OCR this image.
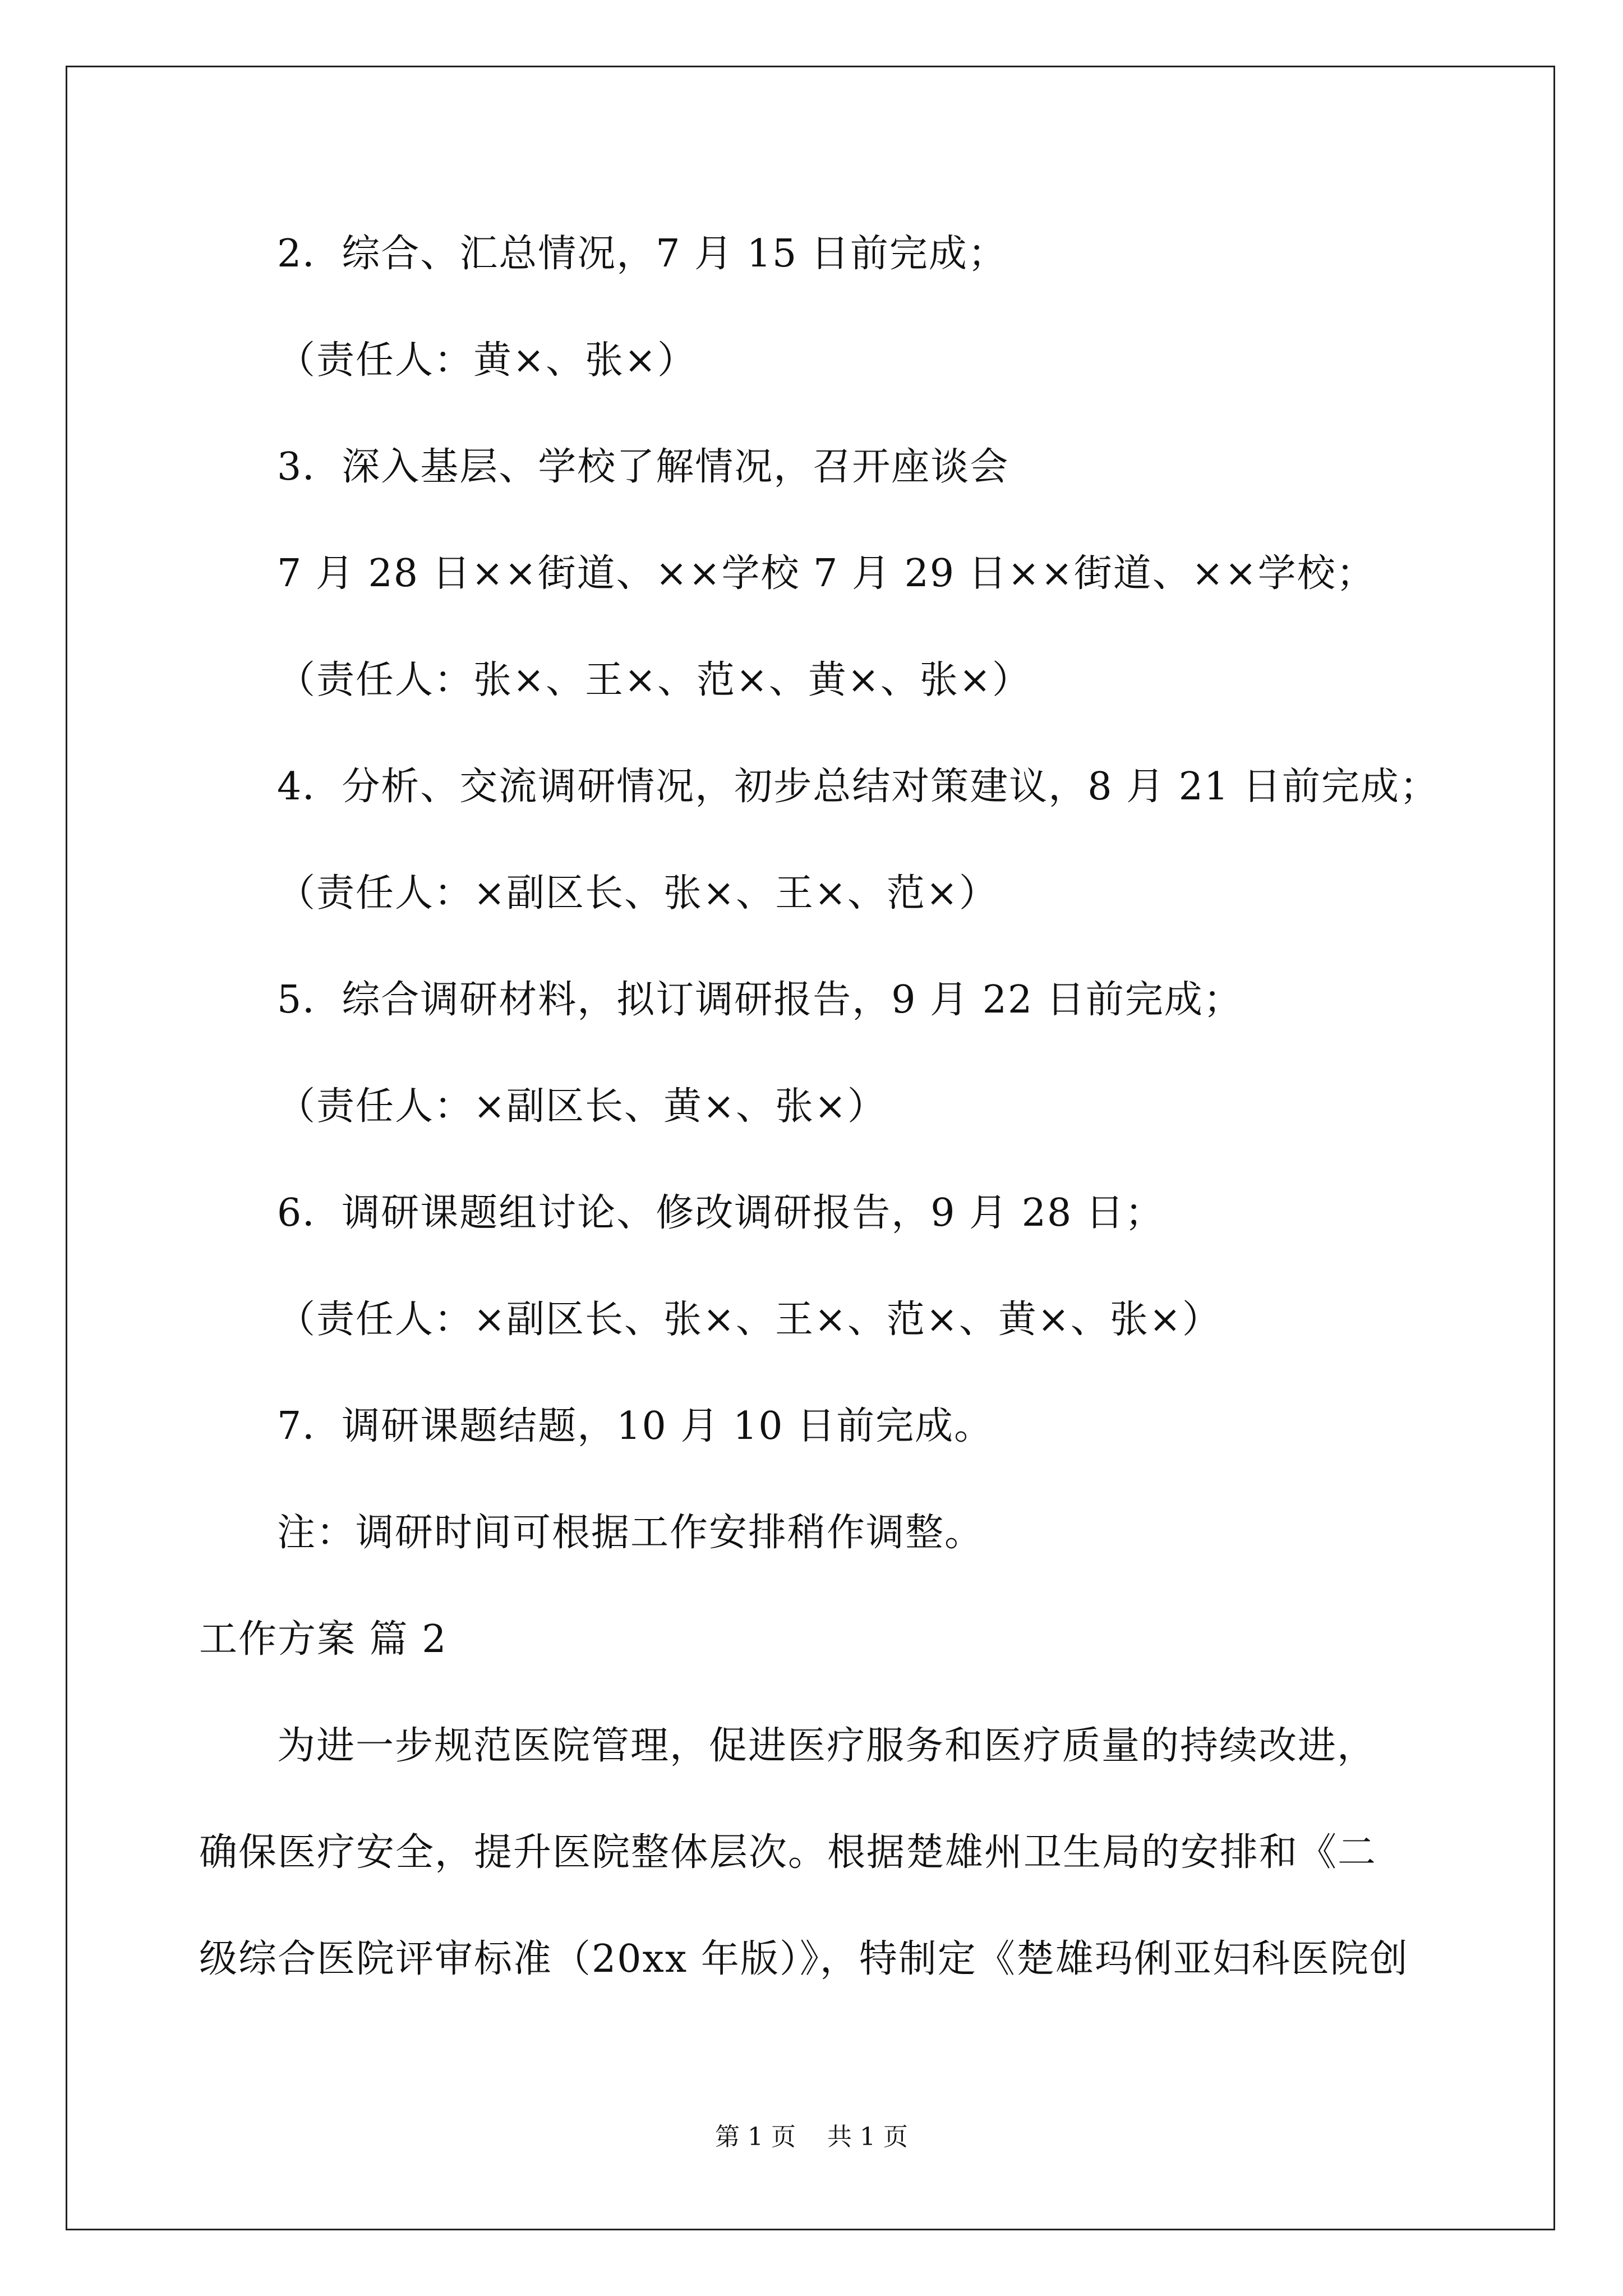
2．综合、汇总情况，7 月 15 日前完成；
（责任人：黄×、张×）
3．深入基层、学校了解情况，召开座谈会
7 月 28 日××街道、××学校 7 月 29 日××街道、××学校；
（责任人：张×、王×、范×、黄×、张×）
4．分析、交流调研情况，初步总结对策建议，8 月 21 日前完成；
（责任人：×副区长、张×、王×、范×）
5．综合调研材料，拟订调研报告，9 月 22 日前完成；
（责任人：×副区长、黄×、张×）
6．调研课题组讨论、修改调研报告，9 月 28 日；
（责任人：×副区长、张×、王×、范×、黄×、张×）
7．调研课题结题，10 月 10 日前完成。
注：调研时间可根据工作安排稍作调整。
工作方案 篇 2
为进一步规范医院管理，促进医疗服务和医疗质量的持续改进，
确保医疗安全，提升医院整体层次。根据楚雄州卫生局的安排和《二
级综合医院评审标准（20xx 年版）》，特制定《楚雄玛俐亚妇科医院创
第 1 页    共 1 页
